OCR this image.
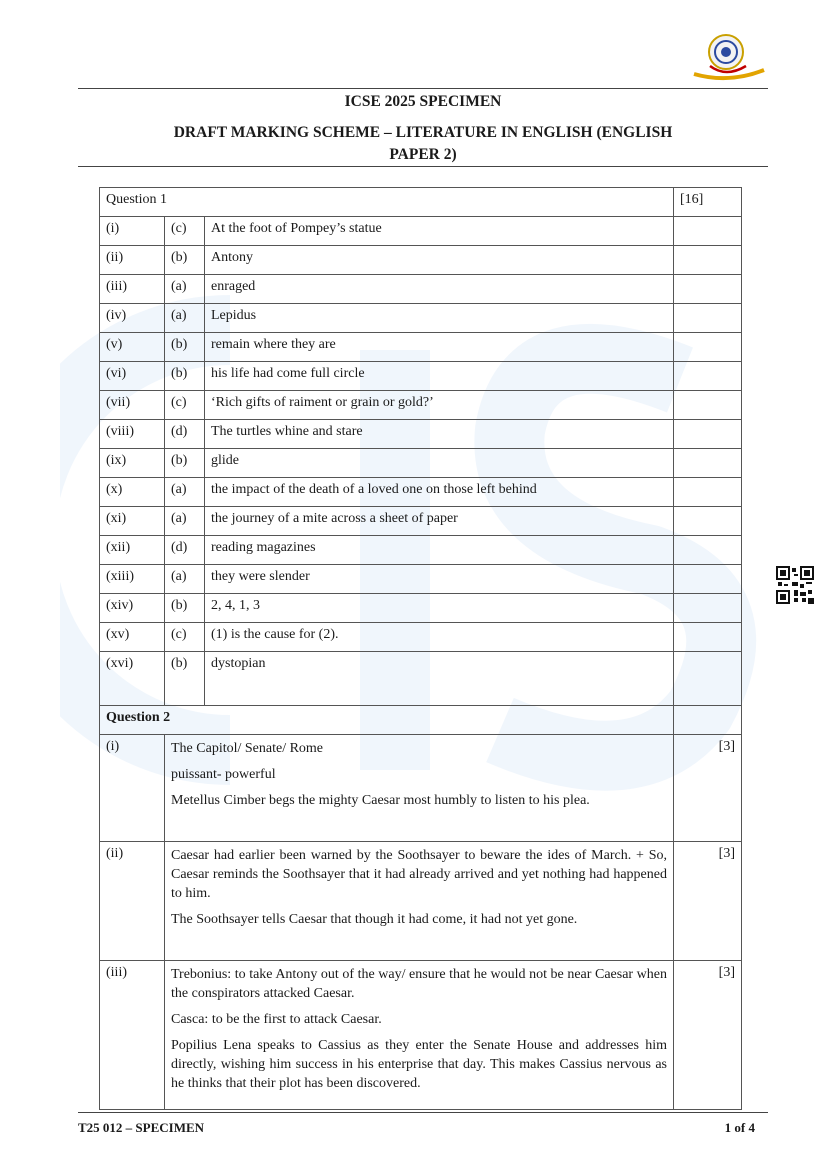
ICSE 2025 SPECIMEN
DRAFT MARKING SCHEME – LITERATURE IN ENGLISH (ENGLISH
PAPER 2)
Question 1			[16]
(i)	(c)	At the foot of Pompey’s statue	
(ii)	(b)	Antony	
(iii)	(a)	enraged	
(iv)	(a)	Lepidus	
(v)	(b)	remain where they are	
(vi)	(b)	his life had come full circle	
(vii)	(c)	‘Rich gifts of raiment or grain or gold?’	
(viii)	(d)	The turtles whine and stare	
(ix)	(b)	glide	
(x)	(a)	the impact of the death of a loved one on those left behind	
(xi)	(a)	the journey of a mite across a sheet of paper	
(xii)	(d)	reading magazines	
(xiii)	(a)	they were slender	
(xiv)	(b)	2, 4, 1, 3	
(xv)	(c)	(1) is the cause for (2).	
(xvi)	(b)	dystopian	
Question 2			
(i)	The Capitol/ Senate/ Rome

puissant- powerful

Metellus Cimber begs the mighty Caesar most humbly to listen to his plea.		[3]
(ii)	Caesar had earlier been warned by the Soothsayer to beware the ides of March. + So, Caesar reminds the Soothsayer that it had already arrived and yet nothing had happened to him.

The Soothsayer tells Caesar that though it had come, it had not yet gone.		[3]
(iii)	Trebonius: to take Antony out of the way/ ensure that he would not be near Caesar when the conspirators attacked Caesar.

Casca: to be the first to attack Caesar.

Popilius Lena speaks to Cassius as they enter the Senate House and addresses him directly, wishing him success in his enterprise that day. This makes Cassius nervous as he thinks that their plot has been discovered.		[3]
T25 012 – SPECIMEN	1 of 4
